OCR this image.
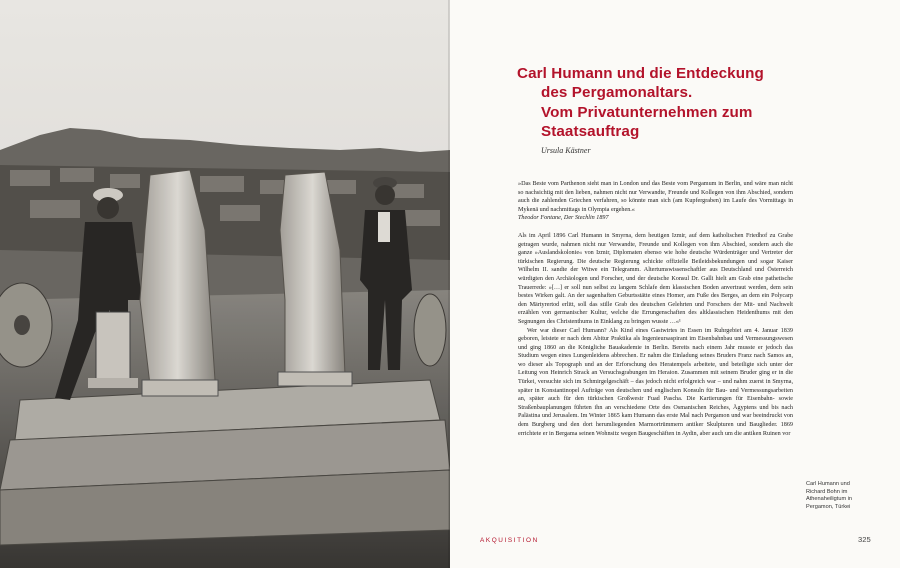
Carl Humann und die Entdeckung
des Pergamonaltars.
Vom Privatunternehmen zum
Staatsauftrag
Ursula Kästner

»Das Beste vom Parthenon sieht man in London und das Beste vom Pergamum in Berlin, und wäre man nicht so nachsichtig mit den lieben, nahmen nicht nur Verwandte, Freunde und Kollegen von ihm Abschied, sondern auch die zahlenden Griechen verfahren, so könnte man sich (am Kupfergraben) im Laufe des Vormittags in Mykenä und nachmittags in Olympia ergehen.«

Theodor Fontane, Der Stechlin 1897

Als im April 1896 Carl Humann in Smyrna, dem heutigen Izmir, auf dem katholischen Friedhof zu Grabe getragen wurde, nahmen nicht nur Verwandte, Freunde und Kollegen von ihm Abschied, sondern auch die ganze »Auslandskolonie« von Izmir, Diplomaten ebenso wie hohe deutsche Würdenträger und Vertreter der türkischen Regierung. Die deutsche Regierung schickte offizielle Beileidsbekundungen und sogar Kaiser Wilhelm II. sandte der Witwe ein Telegramm. Altertumswissenschaftler aus Deutschland und Österreich würdigten den Archäologen und Forscher, und der deutsche Konsul Dr. Galli hielt am Grab eine pathetische Trauerrede: »[…] er soll nun selbst zu langem Schlafe dem klassischen Boden anvertraut werden, dem sein bestes Wirken galt. An der sagenhaften Geburtsstätte eines Homer, am Fuße des Berges, an dem ein Polycarp den Märtyrertod erlitt, soll das stille Grab des deutschen Gelehrten und Forschers der Mit- und Nachwelt erzählen von germanischer Kultur, welche die Errungenschaften des altklassischen Heidenthums mit den Segnungen des Christenthums in Einklang zu bringen wusste …«¹

Wer war dieser Carl Humann? Als Kind eines Gastwirtes in Essen im Ruhrgebiet am 4. Januar 1839 geboren, leistete er nach dem Abitur Praktika als Ingenieursaspirant im Eisenbahnbau und Vermessungswesen und ging 1860 an die Königliche Bauakademie in Berlin. Bereits nach einem Jahr musste er jedoch das Studium wegen eines Lungenleidens abbrechen. Er nahm die Einladung seines Bruders Franz nach Samos an, wo dieser als Topograph und an der Erforschung des Heratempels arbeitete, und beteiligte sich unter der Leitung von Heinrich Strack an Versuchsgrabungen im Heraion. Zusammen mit seinem Bruder ging er in die Türkei, versuchte sich im Schmirgelgeschäft – das jedoch nicht erfolgreich war – und nahm zuerst in Smyrna, später in Konstantinopel Aufträge von deutschen und englischen Konsuln für Bau- und Vermessungsarbeiten an, später auch für den türkischen Großwesir Fuad Pascha. Die Kartierungen für Eisenbahn- sowie Straßenbauplanungen führten ihn an verschiedene Orte des Osmanischen Reiches, Ägyptens und bis nach Palästina und Jerusalem. Im Winter 1865 kam Humann das erste Mal nach Pergamon und war beeindruckt von dem Burgberg und den dort herumliegenden Marmortrümmern antiker Skulpturen und Bauglieder. 1869 errichtete er in Bergama seinen Wohnsitz wegen Baugeschäften in Aydin, aber auch um die antiken Ruinen vor

Carl Humann und
Richard Bohn im
Athenaheiligtum in
Pergamon, Türkei
AKQUISITION	325
